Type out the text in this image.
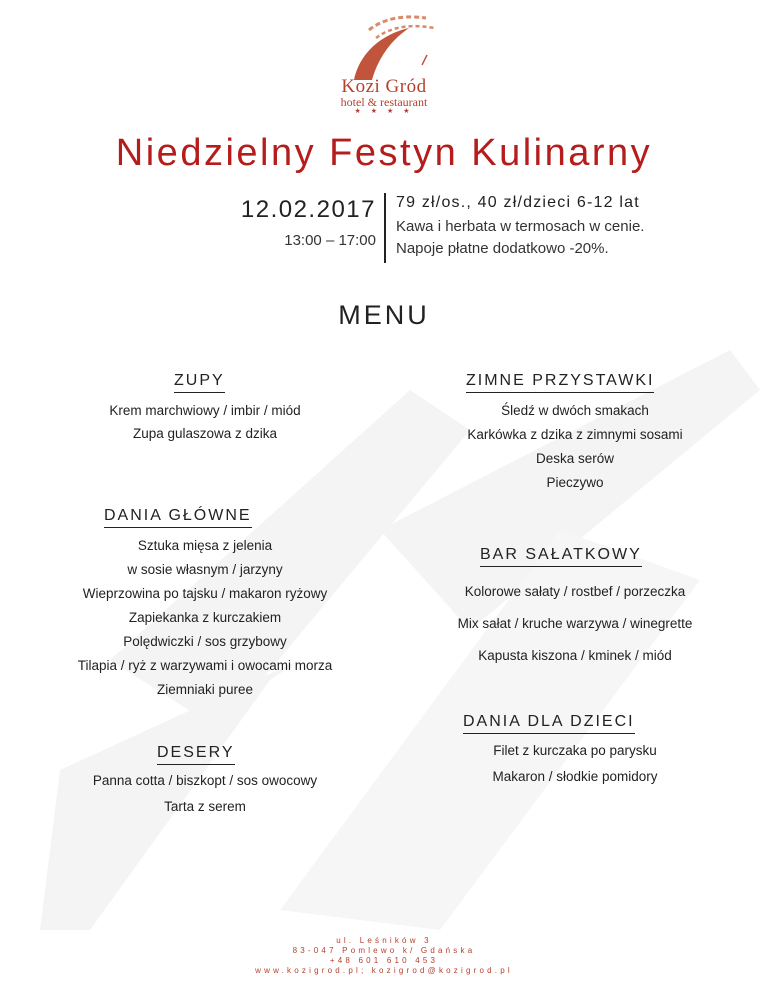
Kozi Gród
hotel & restaurant
★ ★ ★ ★
Niedzielny Festyn Kulinarny
12.02.2017
13:00 – 17:00
79 zł/os., 40 zł/dzieci 6-12 lat
Kawa i herbata w termosach w cenie.
Napoje płatne dodatkowo -20%.
MENU
ZUPY
Krem marchwiowy / imbir / miód
Zupa gulaszowa z dzika
ZIMNE PRZYSTAWKI
Śledź w dwóch smakach
Karkówka z dzika z zimnymi sosami
Deska serów
Pieczywo
DANIA GŁÓWNE
Sztuka mięsa z jelenia
w sosie własnym / jarzyny
Wieprzowina po tajsku / makaron ryżowy
Zapiekanka z kurczakiem
Polędwiczki / sos grzybowy
Tilapia / ryż z warzywami i owocami morza
Ziemniaki puree
BAR SAŁATKOWY
Kolorowe sałaty / rostbef / porzeczka
Mix sałat / kruche warzywa / winegrette
Kapusta kiszona / kminek / miód
DANIA DLA DZIECI
Filet z kurczaka po parysku
Makaron / słodkie pomidory
DESERY
Panna cotta / biszkopt / sos owocowy
Tarta z serem
ul. Leśników 3
83-047 Pomlewo k/ Gdańska
+48 601 610 453
www.kozigrod.pl; kozigrod@kozigrod.pl
